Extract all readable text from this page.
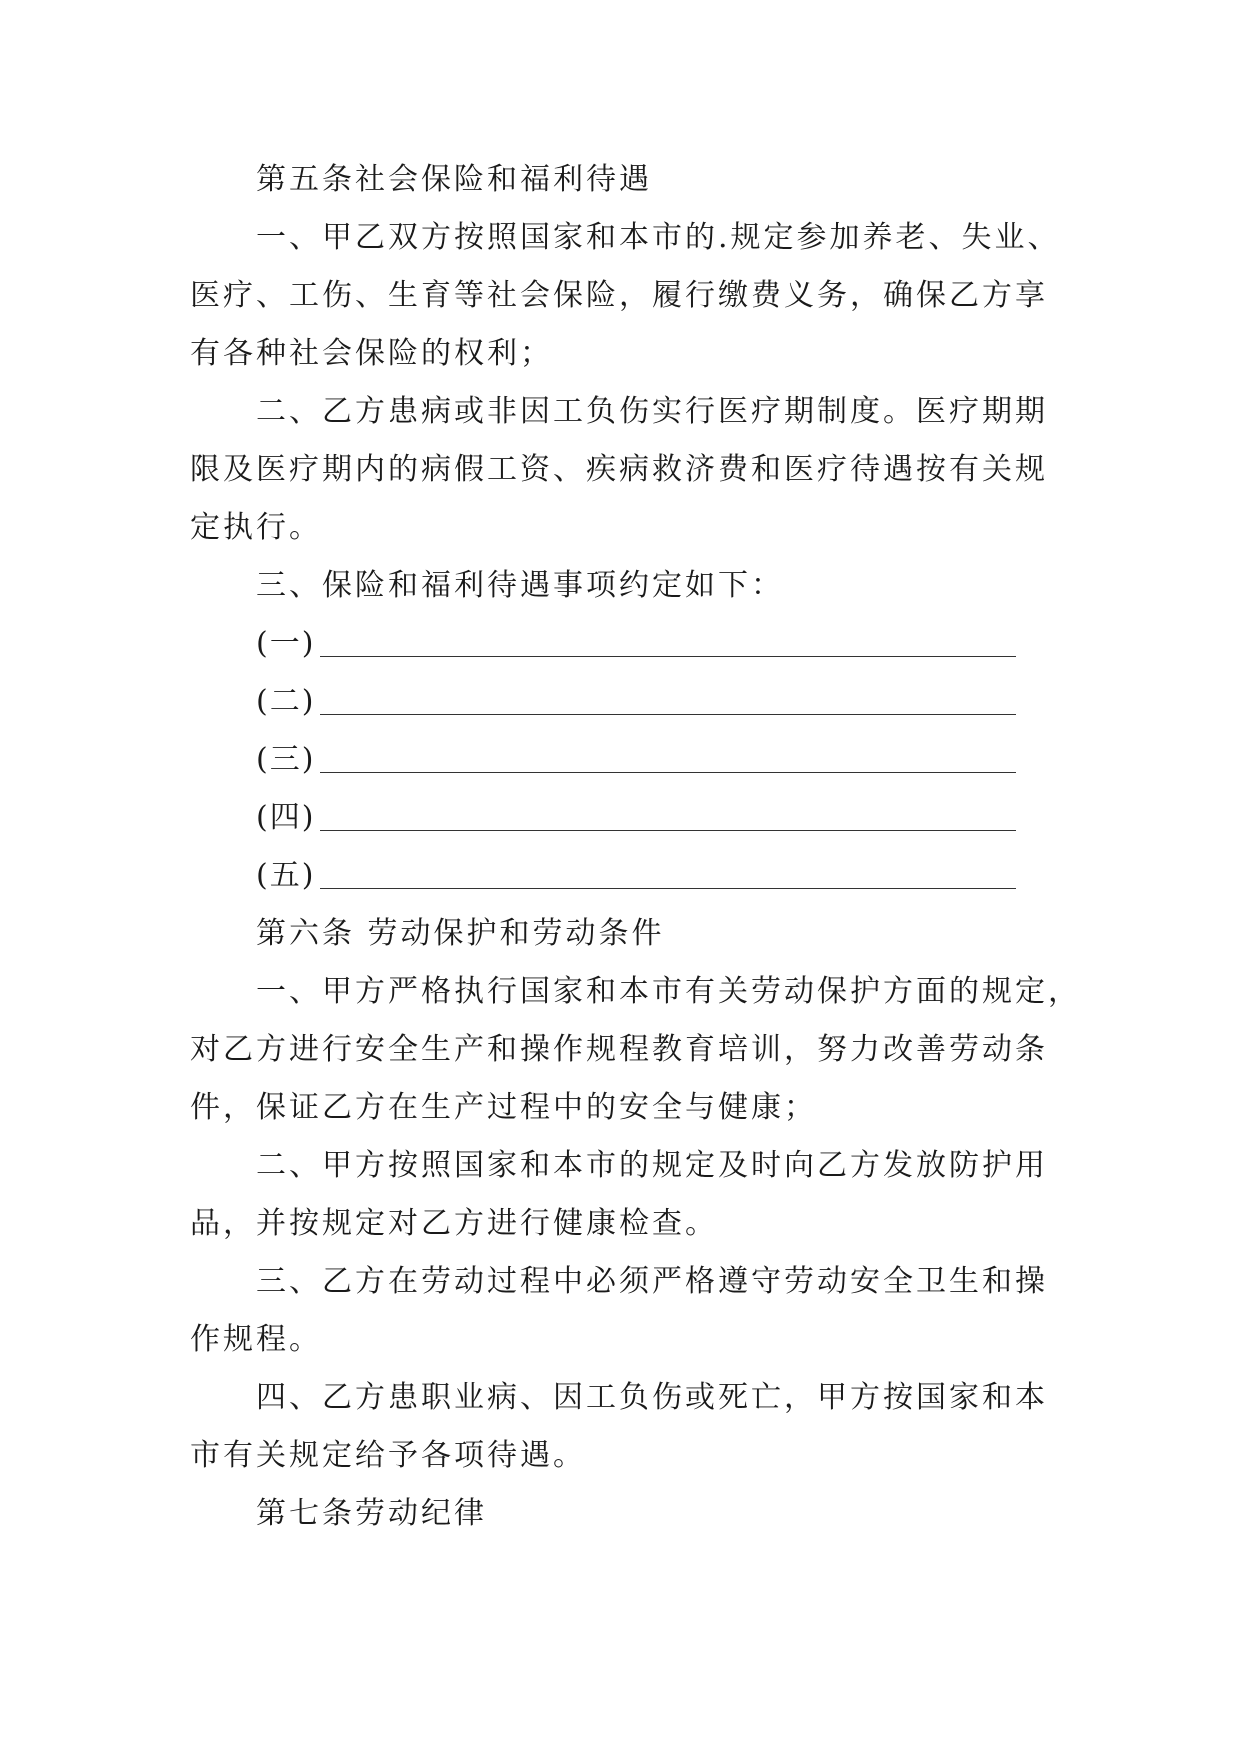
第五条社会保险和福利待遇
一、甲乙双方按照国家和本市的.规定参加养老、失业、
医疗、工伤、生育等社会保险，履行缴费义务，确保乙方享
有各种社会保险的权利；
二、乙方患病或非因工负伤实行医疗期制度。医疗期期
限及医疗期内的病假工资、疾病救济费和医疗待遇按有关规
定执行。
三、保险和福利待遇事项约定如下：
(一)
(二)
(三)
(四)
(五)
第六条 劳动保护和劳动条件
一、甲方严格执行国家和本市有关劳动保护方面的规定，
对乙方进行安全生产和操作规程教育培训，努力改善劳动条
件，保证乙方在生产过程中的安全与健康；
二、甲方按照国家和本市的规定及时向乙方发放防护用
品，并按规定对乙方进行健康检查。
三、乙方在劳动过程中必须严格遵守劳动安全卫生和操
作规程。
四、乙方患职业病、因工负伤或死亡，甲方按国家和本
市有关规定给予各项待遇。
第七条劳动纪律
